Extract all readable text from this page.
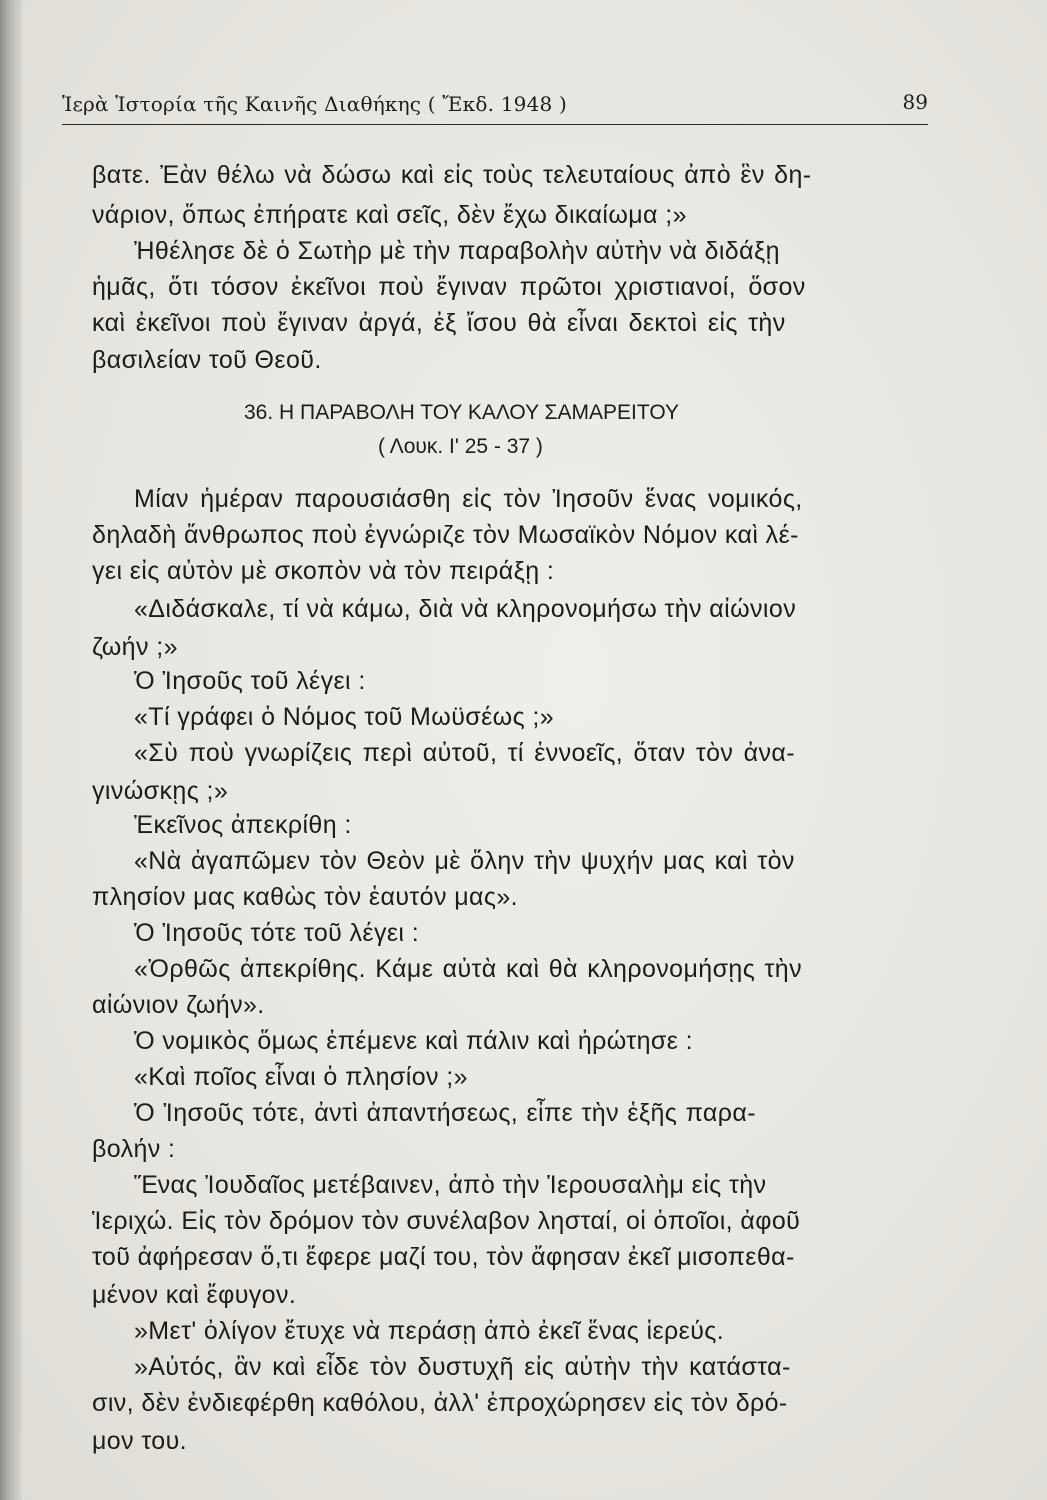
Ἱερὰ Ἱστορία τῆς Καινῆς Διαθήκης ( Ἔκδ. 1948 )	89
βατε. Ἐὰν θέλω νὰ δώσω καὶ εἰς τοὺς τελευταίους ἀπὸ ἓν δη-
νάριον, ὅπως ἐπήρατε καὶ σεῖς, δὲν ἔχω δικαίωμα ;»
Ἠθέλησε δὲ ὁ Σωτὴρ μὲ τὴν παραβολὴν αὐτὴν νὰ διδάξῃ
ἡμᾶς, ὅτι τόσον ἐκεῖνοι ποὺ ἔγιναν πρῶτοι χριστιανοί, ὅσον
καὶ ἐκεῖνοι ποὺ ἔγιναν ἀργά, ἐξ ἴσου θὰ εἶναι δεκτοὶ εἰς τὴν
βασιλείαν τοῦ Θεοῦ.
36. Η ΠΑΡΑΒΟΛΗ ΤΟΥ ΚΑΛΟΥ ΣΑΜΑΡΕΙΤΟΥ
( Λουκ. Ι' 25 - 37 )
Μίαν ἡμέραν παρουσιάσθη εἰς τὸν Ἰησοῦν ἕνας νομικός,
δηλαδὴ ἄνθρωπος ποὺ ἐγνώριζε τὸν Μωσαϊκὸν Νόμον καὶ λέ-
γει εἰς αὐτὸν μὲ σκοπὸν νὰ τὸν πειράξῃ :
«Διδάσκαλε, τί νὰ κάμω, διὰ νὰ κληρονομήσω τὴν αἰώνιον
ζωήν ;»
Ὁ Ἰησοῦς τοῦ λέγει :
«Τί γράφει ὁ Νόμος τοῦ Μωϋσέως ;»
«Σὺ ποὺ γνωρίζεις περὶ αὐτοῦ, τί ἐννοεῖς, ὅταν τὸν ἀνα-
γινώσκῃς ;»
Ἐκεῖνος ἀπεκρίθη :
«Νὰ ἀγαπῶμεν τὸν Θεὸν μὲ ὅλην τὴν ψυχήν μας καὶ τὸν
πλησίον μας καθὼς τὸν ἑαυτόν μας».
Ὁ Ἰησοῦς τότε τοῦ λέγει :
«Ὀρθῶς ἀπεκρίθης. Κάμε αὐτὰ καὶ θὰ κληρονομήσῃς τὴν
αἰώνιον ζωήν».
Ὁ νομικὸς ὅμως ἐπέμενε καὶ πάλιν καὶ ἠρώτησε :
«Καὶ ποῖος εἶναι ὁ πλησίον ;»
Ὁ Ἰησοῦς τότε, ἀντὶ ἀπαντήσεως, εἶπε τὴν ἑξῆς παρα-
βολήν :
Ἕνας Ἰουδαῖος μετέβαινεν, ἀπὸ τὴν Ἱερουσαλὴμ εἰς τὴν
Ἱεριχώ. Εἰς τὸν δρόμον τὸν συνέλαβον λησταί, οἱ ὁποῖοι, ἀφοῦ
τοῦ ἀφήρεσαν ὅ,τι ἔφερε μαζί του, τὸν ἄφησαν ἐκεῖ μισοπεθα-
μένον καὶ ἔφυγον.
»Μετ' ὀλίγον ἔτυχε νὰ περάσῃ ἀπὸ ἐκεῖ ἕνας ἱερεύς.
»Αὐτός, ἂν καὶ εἶδε τὸν δυστυχῆ εἰς αὐτὴν τὴν κατάστα-
σιν, δὲν ἐνδιεφέρθη καθόλου, ἀλλ' ἐπροχώρησεν εἰς τὸν δρό-
μον του.
